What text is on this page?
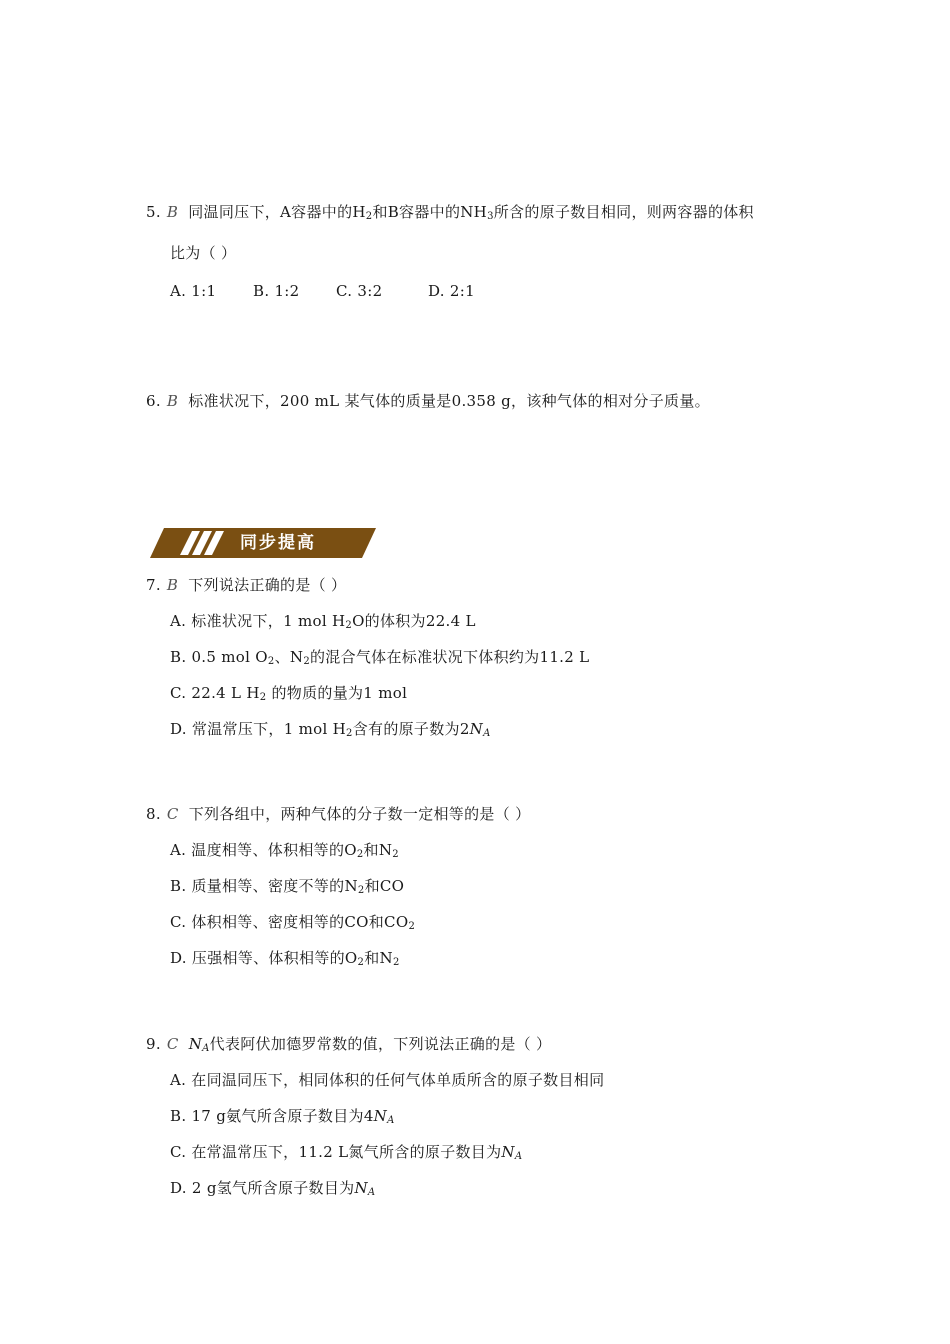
5. B 同温同压下，A容器中的$H_2$和B容器中的$NH_3$所含的原子数目相同，则两容器的体积
比为（ ）
A. 1:1 B. 1:2 C. 3:2	D. 2:1
6. B 标准状况下，200 mL 某气体的质量是0.358 g，该种气体的相对分子质量。
同步提高
7. B 下列说法正确的是（ ）
A. 标准状况下，1 mol $H_2O$的体积为22.4 L
B. 0.5 mol $O_2$、$N_2$的混合气体在标准状况下体积约为11.2 L
C. 22.4 L $H_2$ 的物质的量为1 mol
D. 常温常压下，1 mol $H_2$含有的原子数为$2N_A$
8. C 下列各组中，两种气体的分子数一定相等的是（ ）
A. 温度相等、体积相等的$O_2$和$N_2$
B. 质量相等、密度不等的$N_2$和CO
C. 体积相等、密度相等的CO和$CO_2$
D. 压强相等、体积相等的$O_2$和$N_2$
9. C $N_A$代表阿伏加德罗常数的值，下列说法正确的是（ ）
A. 在同温同压下，相同体积的任何气体单质所含的原子数目相同
B. 17 g氨气所含原子数目为$4N_A$
C. 在常温常压下，11.2 L氮气所含的原子数目为$N_A$
D. 2 g氢气所含原子数目为$N_A$
